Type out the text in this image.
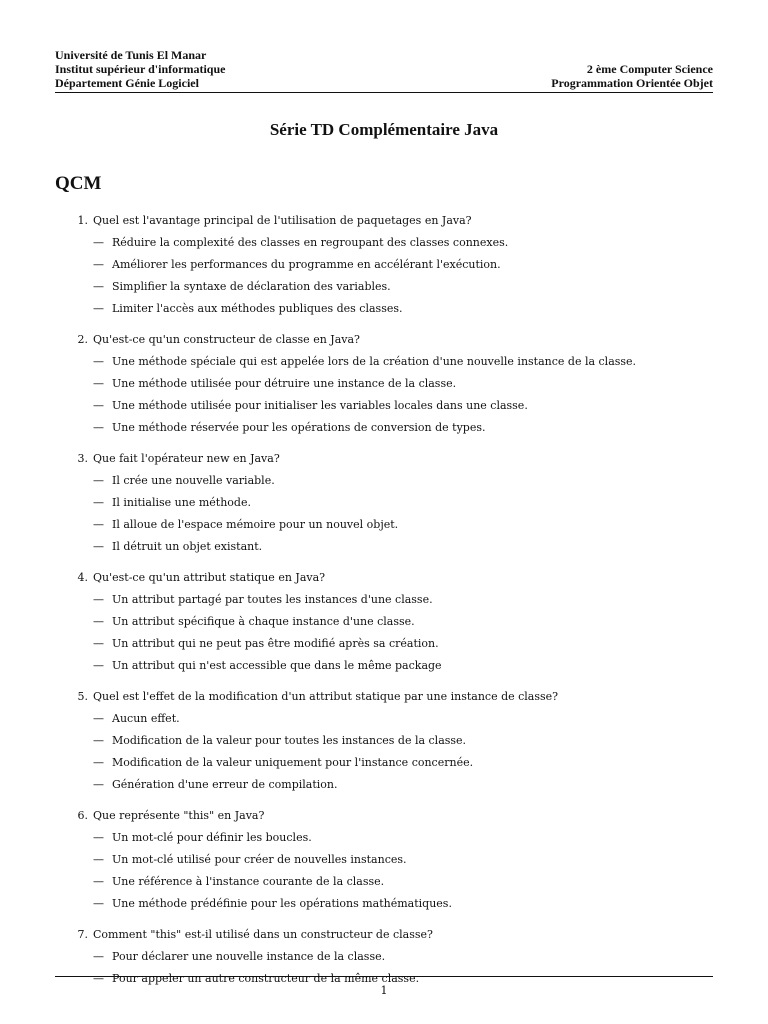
Université de Tunis El Manar
Institut supérieur d'informatique	2 ème Computer Science
Département Génie Logiciel	Programmation Orientée Objet
Série TD Complémentaire Java
QCM
1. Quel est l'avantage principal de l'utilisation de paquetages en Java?
— Réduire la complexité des classes en regroupant des classes connexes.
— Améliorer les performances du programme en accélérant l'exécution.
— Simplifier la syntaxe de déclaration des variables.
— Limiter l'accès aux méthodes publiques des classes.
2. Qu'est-ce qu'un constructeur de classe en Java?
— Une méthode spéciale qui est appelée lors de la création d'une nouvelle instance de la classe.
— Une méthode utilisée pour détruire une instance de la classe.
— Une méthode utilisée pour initialiser les variables locales dans une classe.
— Une méthode réservée pour les opérations de conversion de types.
3. Que fait l'opérateur new en Java?
— Il crée une nouvelle variable.
— Il initialise une méthode.
— Il alloue de l'espace mémoire pour un nouvel objet.
— Il détruit un objet existant.
4. Qu'est-ce qu'un attribut statique en Java?
— Un attribut partagé par toutes les instances d'une classe.
— Un attribut spécifique à chaque instance d'une classe.
— Un attribut qui ne peut pas être modifié après sa création.
— Un attribut qui n'est accessible que dans le même package
5. Quel est l'effet de la modification d'un attribut statique par une instance de classe?
— Aucun effet.
— Modification de la valeur pour toutes les instances de la classe.
— Modification de la valeur uniquement pour l'instance concernée.
— Génération d'une erreur de compilation.
6. Que représente "this" en Java?
— Un mot-clé pour définir les boucles.
— Un mot-clé utilisé pour créer de nouvelles instances.
— Une référence à l'instance courante de la classe.
— Une méthode prédéfinie pour les opérations mathématiques.
7. Comment "this" est-il utilisé dans un constructeur de classe?
— Pour déclarer une nouvelle instance de la classe.
— Pour appeler un autre constructeur de la même classe.
1
